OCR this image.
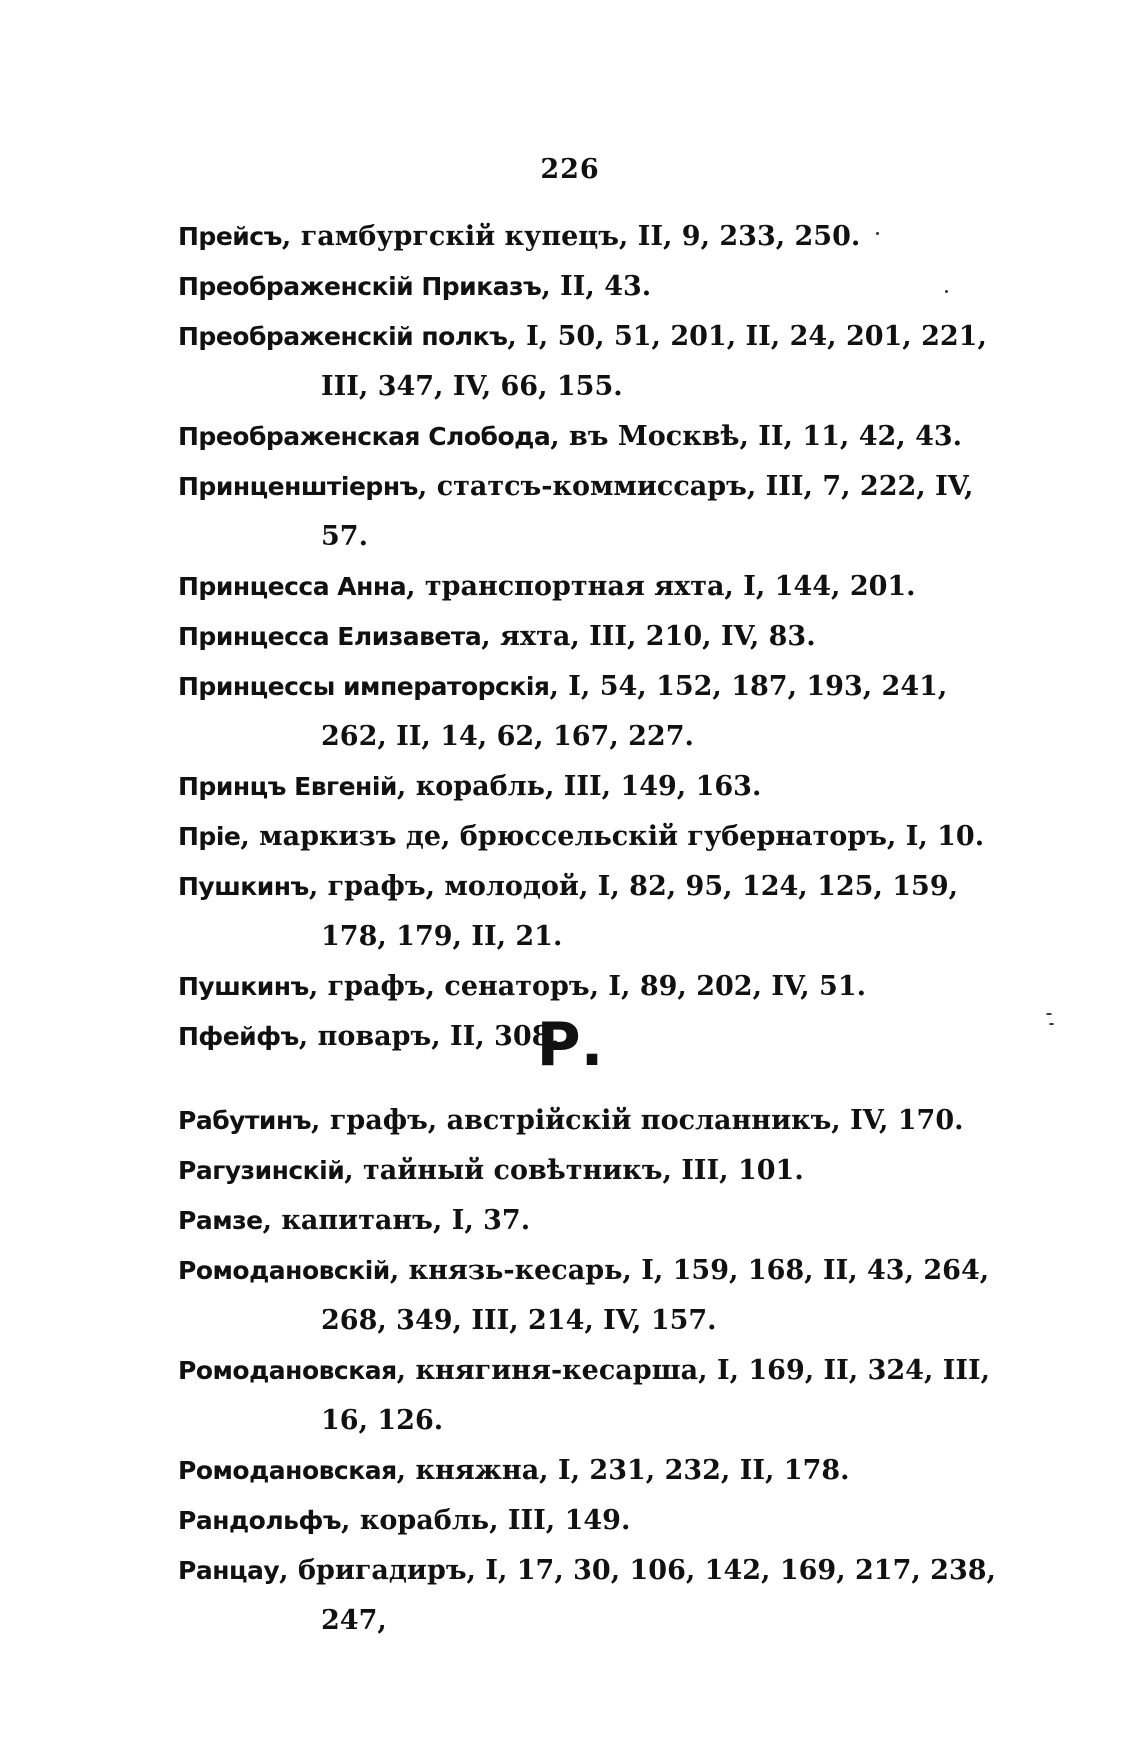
226
Прейсъ, гамбургскій купецъ, II, 9, 233, 250.
Преображенскій Приказъ, II, 43.
Преображенскій полкъ, I, 50, 51, 201, II, 24, 201, 221, III, 347, IV, 66, 155.
Преображенская Слобода, въ Москвѣ, II, 11, 42, 43.
Принценштіернъ, статсъ-коммиссаръ, III, 7, 222, IV, 57.
Принцесса Анна, транспортная яхта, I, 144, 201.
Принцесса Елизавета, яхта, III, 210, IV, 83.
Принцессы императорскія, I, 54, 152, 187, 193, 241, 262, II, 14, 62, 167, 227.
Принцъ Евгеній, корабль, III, 149, 163.
Пріе, маркизъ де, брюссельскій губернаторъ, I, 10.
Пушкинъ, графъ, молодой, I, 82, 95, 124, 125, 159, 178, 179, II, 21.
Пушкинъ, графъ, сенаторъ, I, 89, 202, IV, 51.
Пфейфъ, поваръ, II, 308.
Р.
Рабутинъ, графъ, австрійскій посланникъ, IV, 170.
Рагузинскій, тайный совѣтникъ, III, 101.
Рамзе, капитанъ, I, 37.
Ромодановскій, князь-кесарь, I, 159, 168, II, 43, 264, 268, 349, III, 214, IV, 157.
Ромодановская, княгиня-кесарша, I, 169, II, 324, III, 16, 126.
Ромодановская, княжна, I, 231, 232, II, 178.
Рандольфъ, корабль, III, 149.
Ранцау, бригадиръ, I, 17, 30, 106, 142, 169, 217, 238, 247,
